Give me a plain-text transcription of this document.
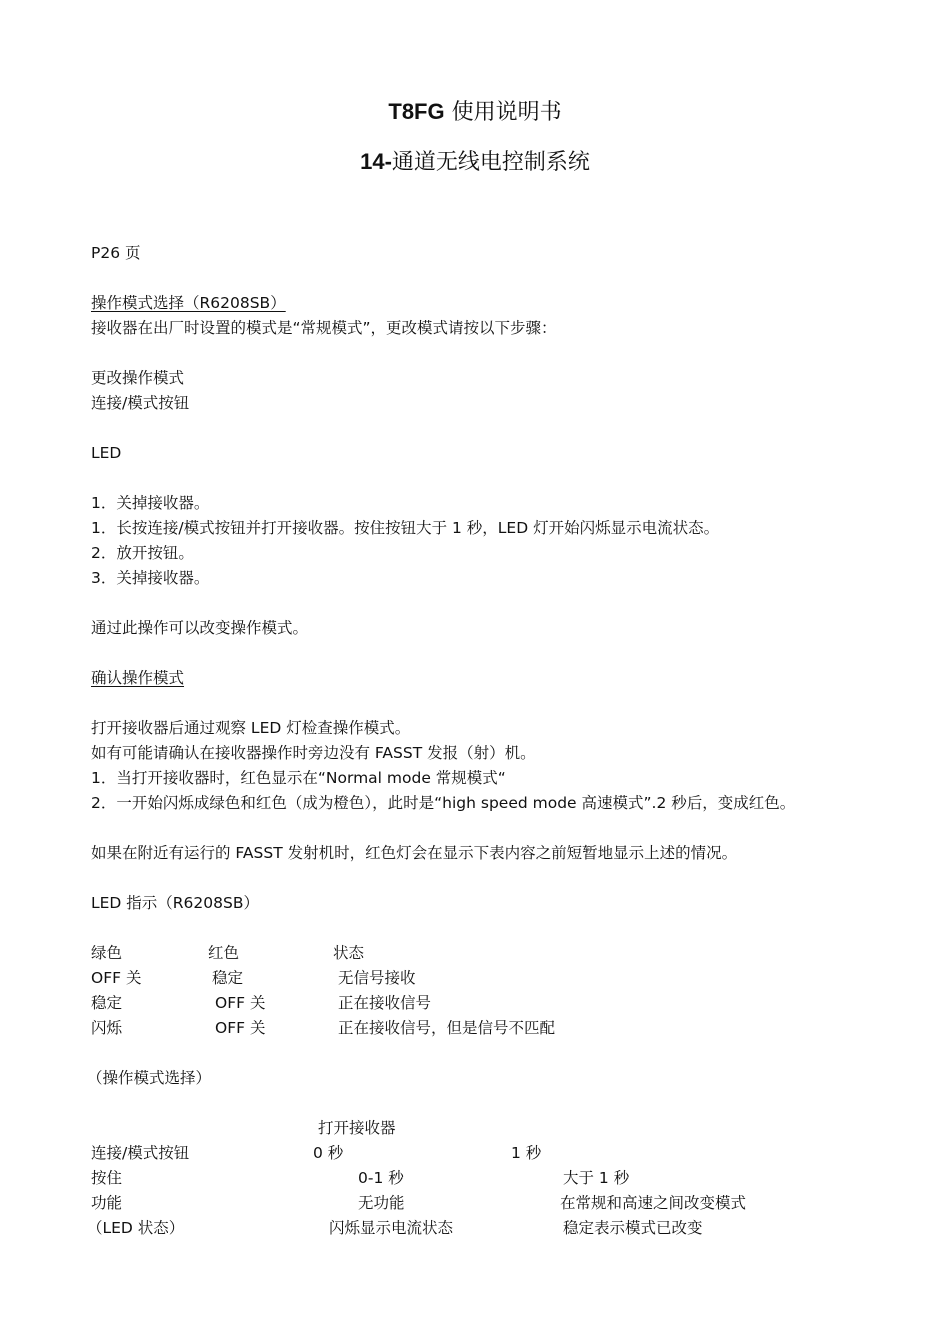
T8FG 使用说明书
14-通道无线电控制系统
P26 页
操作模式选择（R6208SB）
接收器在出厂时设置的模式是“常规模式”，更改模式请按以下步骤：
更改操作模式
连接/模式按钮
LED
1．关掉接收器。
1．长按连接/模式按钮并打开接收器。按住按钮大于 1 秒，LED 灯开始闪烁显示电流状态。
2．放开按钮。
3．关掉接收器。
通过此操作可以改变操作模式。
确认操作模式
打开接收器后通过观察 LED 灯检查操作模式。
如有可能请确认在接收器操作时旁边没有 FASST 发报（射）机。
1．当打开接收器时，红色显示在“Normal mode 常规模式“
2．一开始闪烁成绿色和红色（成为橙色），此时是“high speed mode 高速模式”.2 秒后，变成红色。
如果在附近有运行的 FASST 发射机时，红色灯会在显示下表内容之前短暂地显示上述的情况。
LED 指示（R6208SB）
绿色	红色	状态
OFF 关	稳定	无信号接收
稳定	OFF 关	正在接收信号
闪烁	OFF 关	正在接收信号，但是信号不匹配
（操作模式选择）
打开接收器
连接/模式按钮	0 秒	1 秒
按住	0-1 秒	大于 1 秒
功能	无功能	在常规和高速之间改变模式
（LED 状态）	闪烁显示电流状态	稳定表示模式已改变
